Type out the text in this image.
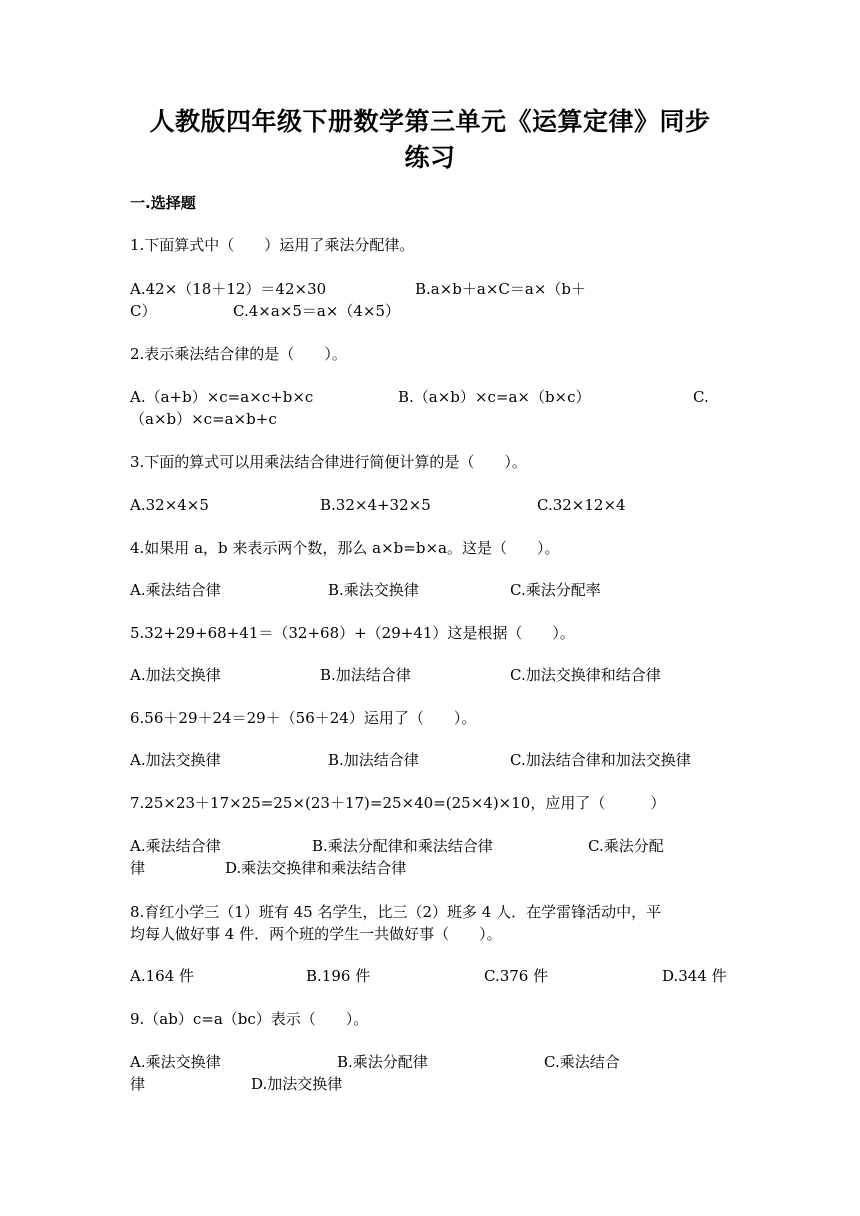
人教版四年级下册数学第三单元《运算定律》同步
练习
一.选择题
1.下面算式中（　　）运用了乘法分配律。
A.42×（18＋12）＝42×30	B.a×b＋a×C＝a×（b＋
C）	C.4×a×5＝a×（4×5）
2.表示乘法结合律的是（　　）。
A.（a+b）×c=a×c+b×c	B.（a×b）×c=a×（b×c）	C.
（a×b）×c=a×b+c
3.下面的算式可以用乘法结合律进行简便计算的是（　　）。
A.32×4×5	B.32×4+32×5	C.32×12×4
4.如果用 a，b 来表示两个数，那么 a×b=b×a。这是（　　）。
A.乘法结合律	B.乘法交换律	C.乘法分配率
5.32+29+68+41＝（32+68）+（29+41）这是根据（　　）。
A.加法交换律	B.加法结合律	C.加法交换律和结合律
6.56＋29＋24＝29＋（56＋24）运用了（　　）。
A.加法交换律	B.加法结合律	C.加法结合律和加法交换律
7.25×23＋17×25=25×(23＋17)=25×40=(25×4)×10，应用了（　　　）
A.乘法结合律	B.乘法分配律和乘法结合律	C.乘法分配
律	D.乘法交换律和乘法结合律
8.育红小学三（1）班有 45 名学生，比三（2）班多 4 人．在学雷锋活动中，平
均每人做好事 4 件．两个班的学生一共做好事（　　）。
A.164 件	B.196 件	C.376 件	D.344 件
9.（ab）c=a（bc）表示（　　）。
A.乘法交换律	B.乘法分配律	C.乘法结合
律	D.加法交换律
